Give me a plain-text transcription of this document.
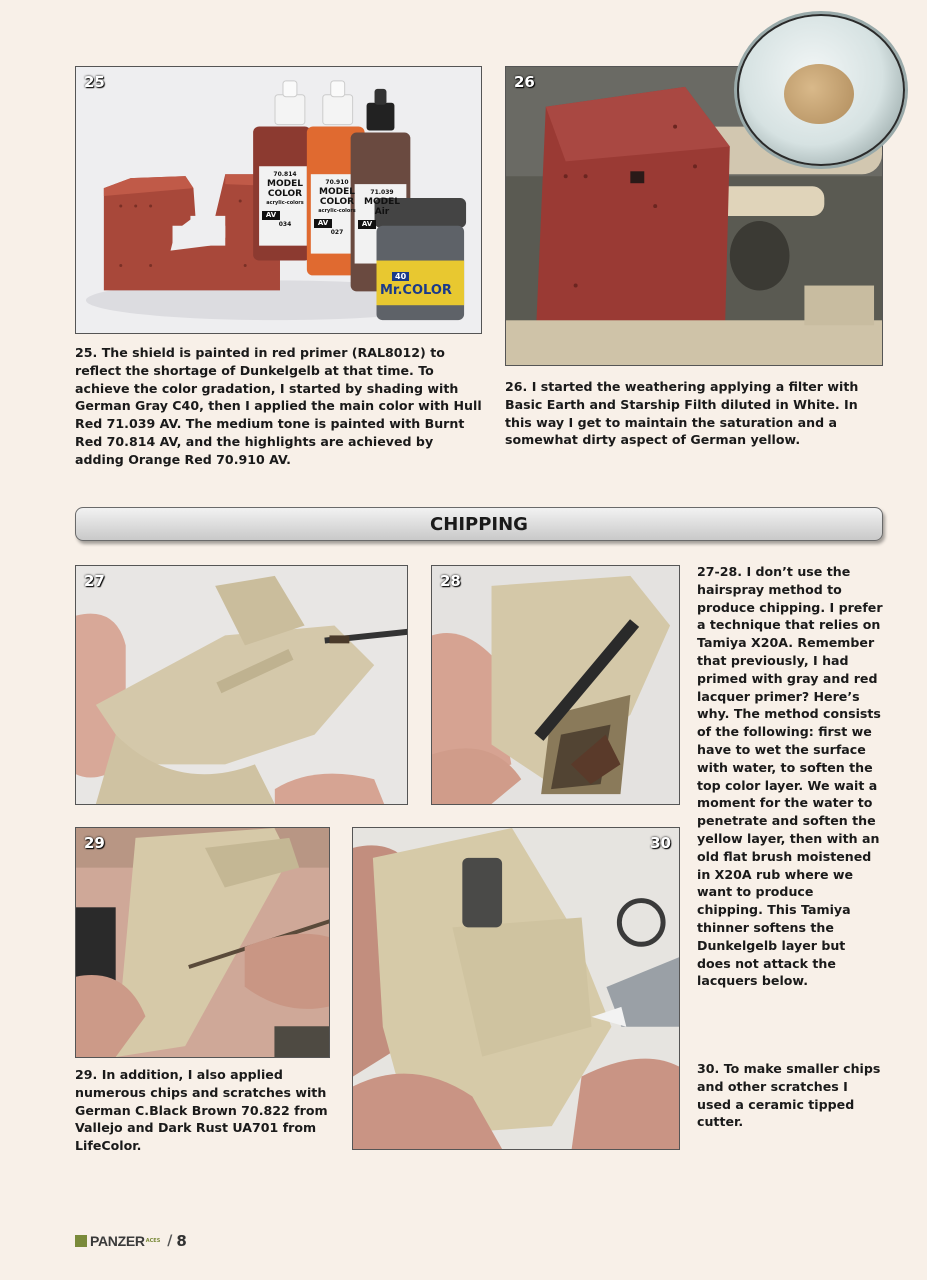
25
70.814
MODEL COLOR
acrylic-colors
AV
034
70.910
MODEL COLOR
acrylic-colors
AV
027
71.039
MODEL Air
AV
40
Mr.COLOR
26
25. The shield is painted in red primer (RAL8012) to reflect the shortage of Dunkelgelb at that time. To achieve the color gradation, I started by shading with German Gray C40, then I applied the main color with Hull Red 71.039 AV. The medium tone is painted with Burnt Red 70.814 AV, and the highlights are achieved by adding Orange Red 70.910 AV.
26. I started the weathering applying a filter with Basic Earth and Starship Filth diluted in White. In this way I get to maintain the saturation and a somewhat dirty aspect of German yellow.
CHIPPING
27	28
27-28. I don’t use the hairspray method to produce chipping. I prefer a technique that relies on Tamiya X20A. Remember that previously, I had primed with gray and red lacquer primer? Here’s why. The method consists of the following: first we have to wet the surface with water, to soften the top color layer. We wait a moment for the water to penetrate and soften the yellow layer, then with an old flat brush moistened in X20A rub where we want to produce chipping. This Tamiya thinner softens the Dunkelgelb layer but does not attack the lacquers below.
29
29. In addition, I also applied numerous chips and scratches with German C.Black Brown 70.822 from Vallejo and Dark Rust UA701 from LifeColor.
30
30. To make smaller chips and other scratches I used a ceramic tipped cutter.
PANZER ACES / 8
